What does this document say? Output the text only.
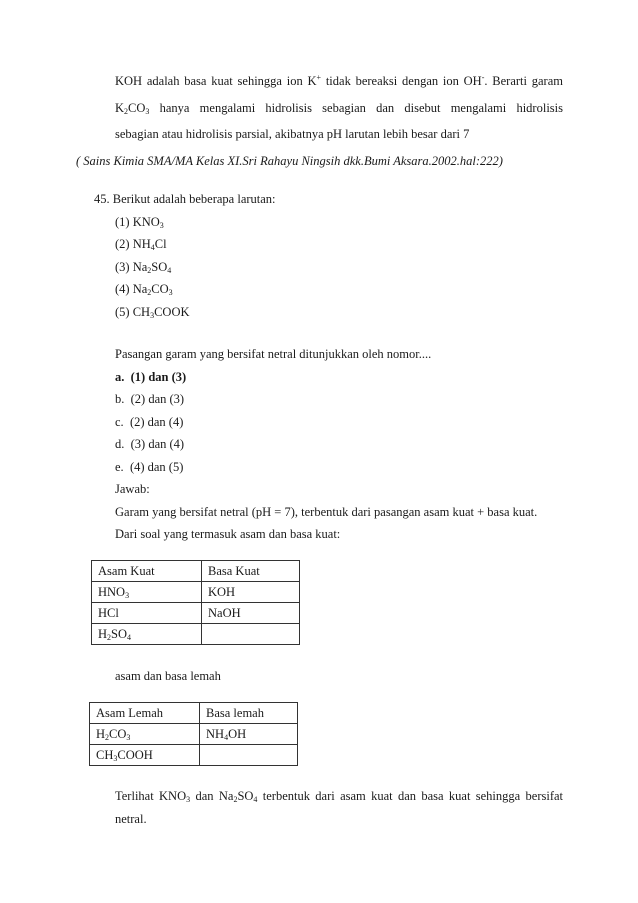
KOH adalah basa kuat sehingga ion K+ tidak bereaksi dengan ion OH-. Berarti garam
$K_2CO_3$ hanya mengalami hidrolisis sebagian dan disebut mengalami hidrolisis
sebagian atau hidrolisis parsial, akibatnya pH larutan lebih besar dari 7
( Sains Kimia SMA/MA Kelas XI.Sri Rahayu Ningsih dkk.Bumi Aksara.2002.hal:222)
45. Berikut adalah beberapa larutan:
(1) $KNO_3$
(2) $NH_4Cl$
(3) $Na_2SO_4$
(4) $Na_2CO_3$
(5) $CH_3COOK$
Pasangan garam yang bersifat netral ditunjukkan oleh nomor....
a. (1) dan (3)
b. (2) dan (3)
c. (2) dan (4)
d. (3) dan (4)
e. (4) dan (5)
Jawab:
Garam yang bersifat netral (pH = 7), terbentuk dari pasangan asam kuat + basa kuat.
Dari soal yang termasuk asam dan basa kuat:
Asam Kuat	Basa Kuat
$HNO_3$	KOH
HCl	NaOH
$H_2SO_4$	
asam dan basa lemah
Asam Lemah	Basa lemah
$H_2CO_3$	$NH_4OH$
$CH_3COOH$	
Terlihat $KNO_3$ dan $Na_2SO_4$ terbentuk dari asam kuat dan basa kuat sehingga bersifat
netral.
